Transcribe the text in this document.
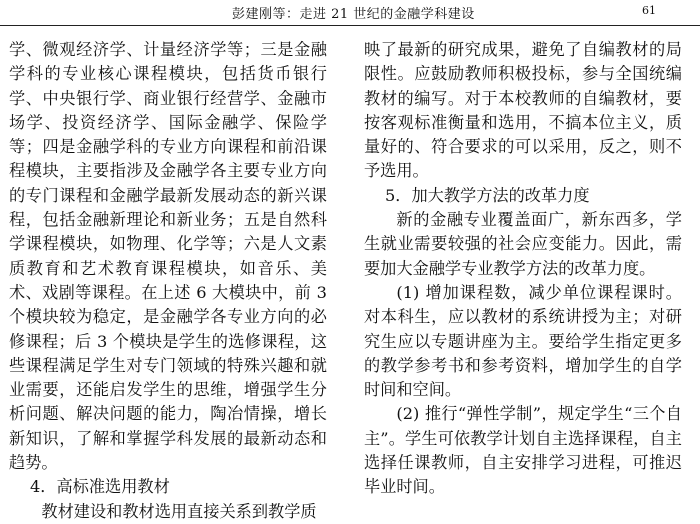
彭建刚等：走进 21 世纪的金融学科建设	61

学、微观经济学、计量经济学等；三是金融学科的专业核心课程模块，包括货币银行学、中央银行学、商业银行经营学、金融市场学、投资经济学、国际金融学、保险学等；四是金融学科的专业方向课程和前沿课程模块，主要指涉及金融学各主要专业方向的专门课程和金融学最新发展动态的新兴课程，包括金融新理论和新业务；五是自然科学课程模块，如物理、化学等；六是人文素质教育和艺术教育课程模块，如音乐、美术、戏剧等课程。在上述 6 大模块中，前 3 个模块较为稳定，是金融学各专业方向的必修课程；后 3 个模块是学生的选修课程，这些课程满足学生对专门领域的特殊兴趣和就业需要，还能启发学生的思维，增强学生分析问题、解决问题的能力，陶冶情操，增长新知识，了解和掌握学科发展的最新动态和趋势。

4．高标准选用教材

教材建设和教材选用直接关系到教学质

映了最新的研究成果，避免了自编教材的局限性。应鼓励教师积极投标，参与全国统编教材的编写。对于本校教师的自编教材，要按客观标准衡量和选用，不搞本位主义，质量好的、符合要求的可以采用，反之，则不予选用。

5．加大教学方法的改革力度

新的金融专业覆盖面广，新东西多，学生就业需要较强的社会应变能力。因此，需要加大金融学专业教学方法的改革力度。

(1) 增加课程数，减少单位课程课时。对本科生，应以教材的系统讲授为主；对研究生应以专题讲座为主。要给学生指定更多的教学参考书和参考资料，增加学生的自学时间和空间。

(2) 推行“弹性学制”，规定学生“三个自主”。学生可依教学计划自主选择课程，自主选择任课教师，自主安排学习进程，可推迟毕业时间。
